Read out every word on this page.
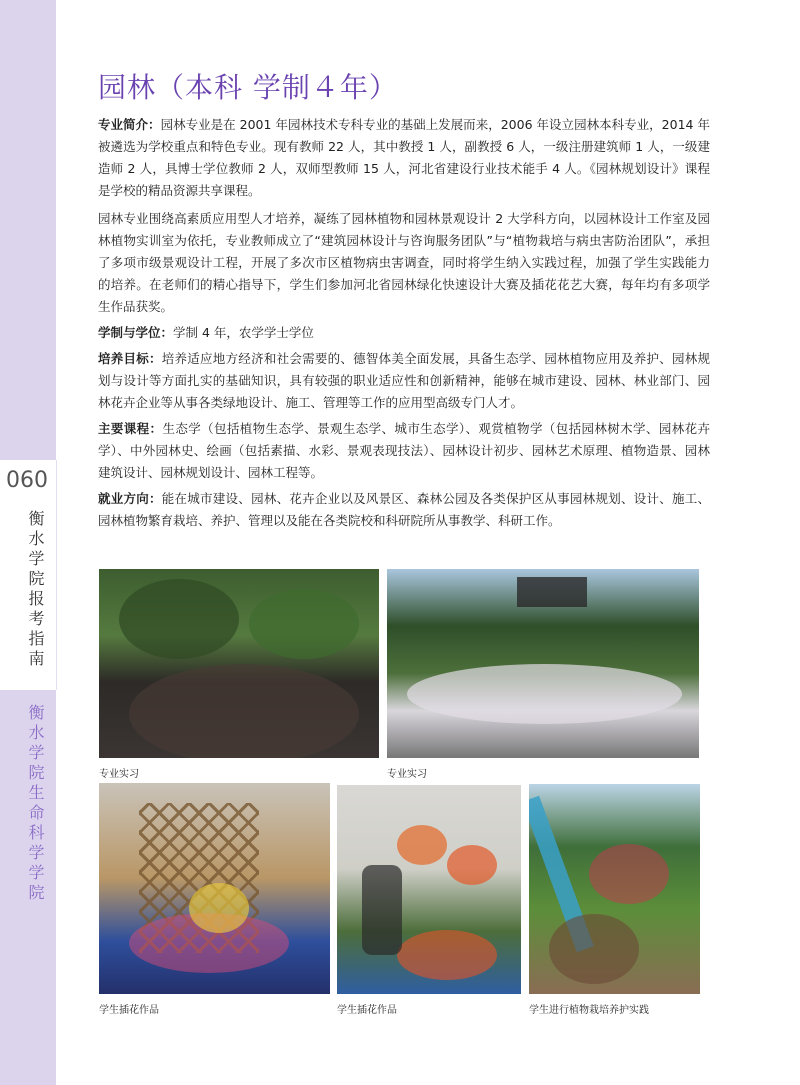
060
衡水学院报考指南
衡水学院生命科学学院
园林（本科 学制４年）

专业简介：园林专业是在 2001 年园林技术专科专业的基础上发展而来，2006 年设立园林本科专业，2014 年被遴选为学校重点和特色专业。现有教师 22 人，其中教授 1 人，副教授 6 人，一级注册建筑师 1 人，一级建造师 2 人，具博士学位教师 2 人，双师型教师 15 人，河北省建设行业技术能手 4 人。《园林规划设计》课程是学校的精品资源共享课程。

园林专业围绕高素质应用型人才培养，凝练了园林植物和园林景观设计 2 大学科方向，以园林设计工作室及园林植物实训室为依托，专业教师成立了“建筑园林设计与咨询服务团队”与“植物栽培与病虫害防治团队”，承担了多项市级景观设计工程，开展了多次市区植物病虫害调查，同时将学生纳入实践过程，加强了学生实践能力的培养。在老师们的精心指导下，学生们参加河北省园林绿化快速设计大赛及插花花艺大赛，每年均有多项学生作品获奖。

学制与学位：学制 4 年，农学学士学位

培养目标：培养适应地方经济和社会需要的、德智体美全面发展，具备生态学、园林植物应用及养护、园林规划与设计等方面扎实的基础知识，具有较强的职业适应性和创新精神，能够在城市建设、园林、林业部门、园林花卉企业等从事各类绿地设计、施工、管理等工作的应用型高级专门人才。

主要课程：生态学（包括植物生态学、景观生态学、城市生态学）、观赏植物学（包括园林树木学、园林花卉学）、中外园林史、绘画（包括素描、水彩、景观表现技法）、园林设计初步、园林艺术原理、植物造景、园林建筑设计、园林规划设计、园林工程等。

就业方向：能在城市建设、园林、花卉企业以及风景区、森林公园及各类保护区从事园林规划、设计、施工、园林植物繁育栽培、养护、管理以及能在各类院校和科研院所从事教学、科研工作。

专业实习	专业实习
学生插花作品	学生插花作品	学生进行植物栽培养护实践
